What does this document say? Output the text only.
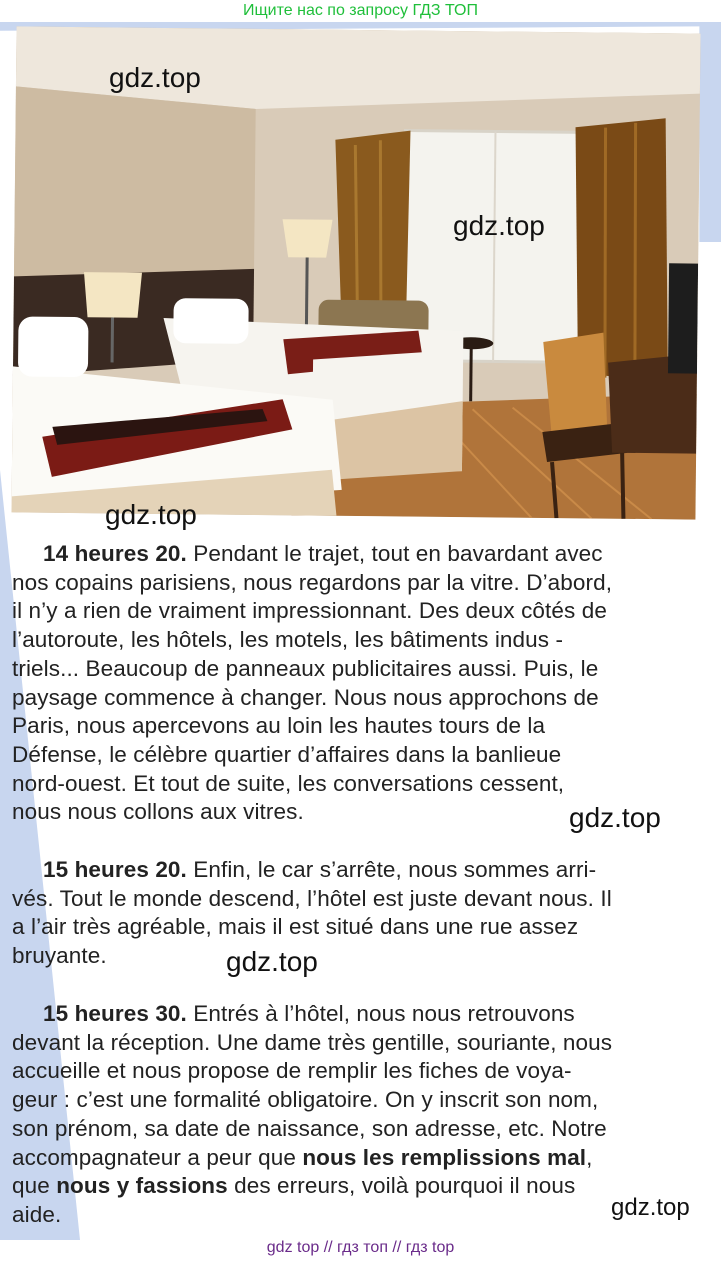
Ищите нас по запросу ГДЗ ТОП
gdz.top
gdz.top
gdz.top
gdz.top
gdz.top
gdz.top
14 heures 20. Pendant le trajet, tout en bavardant avec
nos copains parisiens, nous regardons par la vitre. D’abord,
il n’y a rien de vraiment impressionnant. Des deux côtés de
l’autoroute, les hôtels, les motels, les bâtiments indus -
triels... Beaucoup de panneaux publicitaires aussi. Puis, le
paysage commence à changer. Nous nous approchons de
Paris, nous apercevons au loin les hautes tours de la
Défense, le célèbre quartier d’affaires dans la banlieue
nord-ouest. Et tout de suite, les conversations cessent,
nous nous collons aux vitres.
15 heures 20. Enfin, le car s’arrête, nous sommes arri-
vés. Tout le monde descend, l’hôtel est juste devant nous. Il
a l’air très agréable, mais il est situé dans une rue assez
bruyante.
15 heures 30. Entrés à l’hôtel, nous nous retrouvons
devant la réception. Une dame très gentille, souriante, nous
accueille et nous propose de remplir les fiches de voya-
geur : c’est une formalité obligatoire. On y inscrit son nom,
son prénom, sa date de naissance, son adresse, etc. Notre
accompagnateur a peur que nous les remplissions mal,
que nous y fassions des erreurs, voilà pourquoi il nous
aide.
gdz top // гдз топ // гдз top
